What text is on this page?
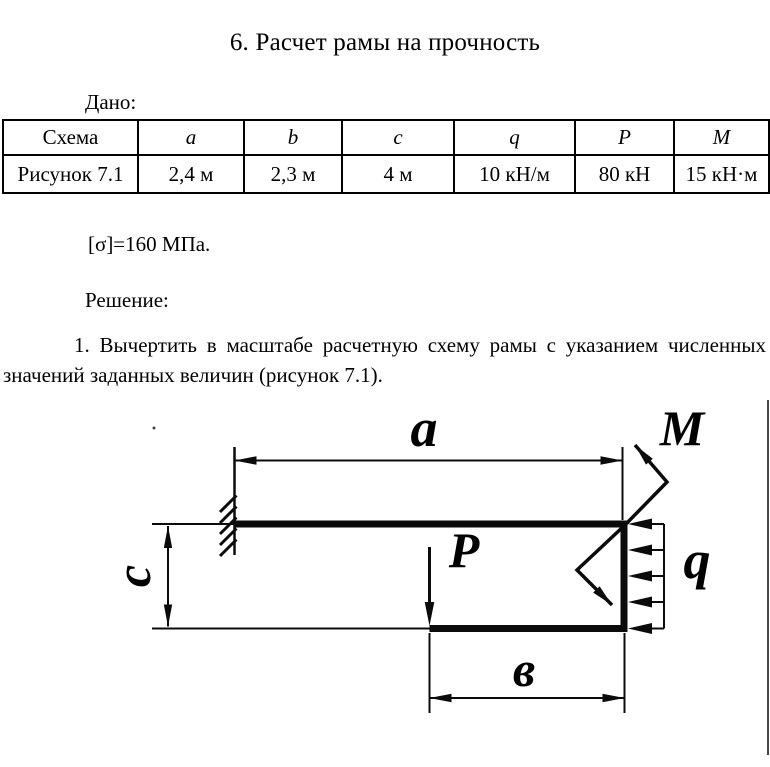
6. Расчет рамы на прочность
Дано:
Схема	a	b	c	q	P	M
Рисунок 7.1	2,4 м	2,3 м	4 м	10 кН/м	80 кН	15 кН·м
[σ]=160 МПа.
Решение:
1. Вычертить в масштабе расчетную схему рамы с указанием численных
значений заданных величин (рисунок 7.1).
a
с	P	q
M
в
